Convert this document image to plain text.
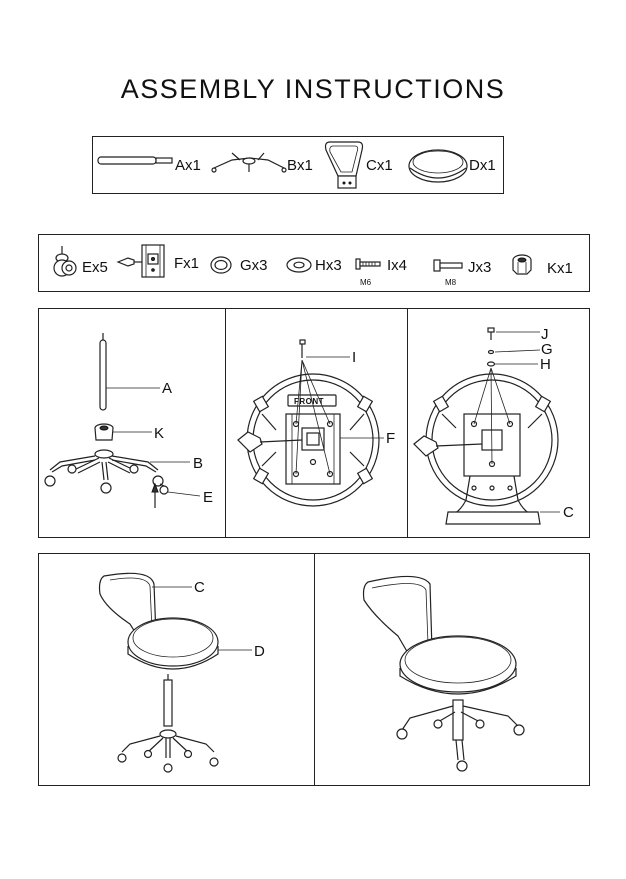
ASSEMBLY INSTRUCTIONS
Ax1	Bx1	Cx1	Dx1
Ex5	Fx1	Gx3	Hx3	Ix4
M6
Jx3
M8
Kx1
A
K
B
E
FRONT
I
F
J
G
H
C
C
D
